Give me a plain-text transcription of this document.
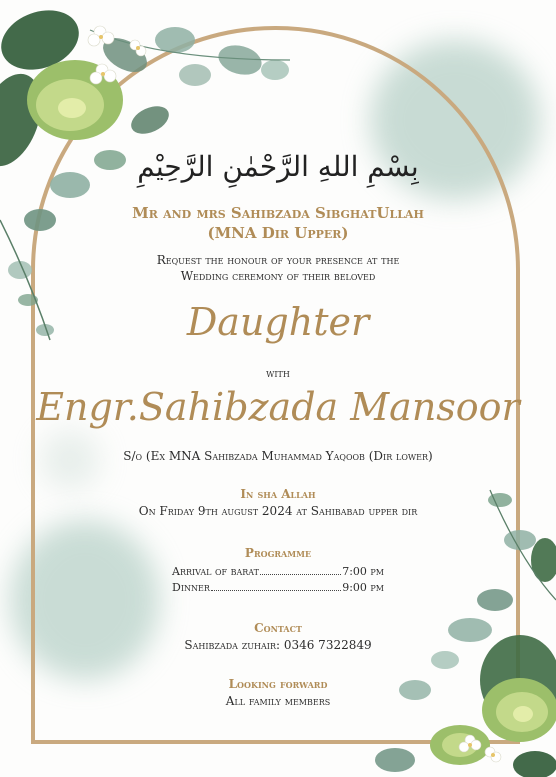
بِسْمِ اللهِ الرَّحْمٰنِ الرَّحِيْمِ
Mr and mrs Sahibzada SibghatUllah
(MNA Dir Upper)
Request the honour of your presence at the
Wedding ceremony of their beloved
Daughter
with
Engr.Sahibzada Mansoor
S/o (Ex MNA Sahibzada Muhammad Yaqoob (Dir lower)
In sha Allah
On Friday 9th august 2024 at Sahibabad upper dir
Programme
Arrival of barat	7:00 pm
Dinner	9:00 pm
Contact
Sahibzada zuhair: 0346 7322849
Looking forward
All family members
